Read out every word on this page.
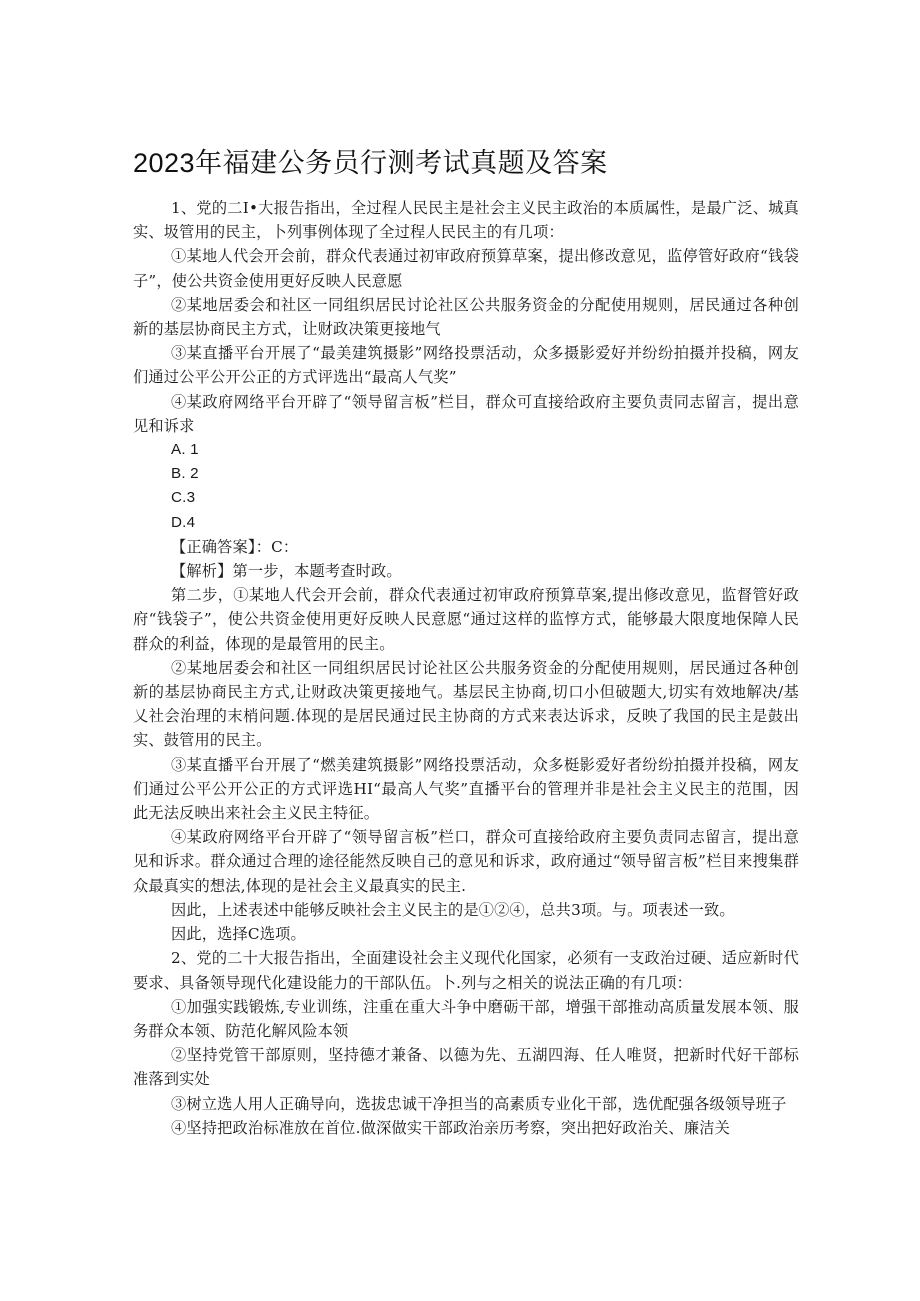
2023年福建公务员行测考试真题及答案

1、党的二I•大报告指出，全过程人民民主是社会主义民主政治的本质属性，是最广泛、城真实、圾管用的民主，卜列事例体现了全过程人民民主的有几项：

①某地人代会开会前，群众代表通过初审政府预算草案，提出修改意见，监停管好政府“钱袋子”，使公共资金使用更好反映人民意愿

②某地居委会和社区一同组织居民讨论社区公共服务资金的分配使用规则，居民通过各种创新的基层协商民主方式，让财政决策更接地气

③某直播平台开展了“最美建筑摄影”网络投票活动，众多摄影爱好并纷纷拍摄并投稿，网友们通过公平公开公正的方式评选出“最高人气奖”

④某政府网络平台开辟了“领导留言板”栏目，群众可直接给政府主要负责同志留言，提出意见和诉求

A. 1

B. 2

C.3

D.4

【正确答案】：C：

【解析】第一步，本题考查时政。

第二步，①某地人代会开会前，群众代表通过初审政府预算草案,提出修改意见，监督管好政府“钱袋子”，使公共资金使用更好反映人民意愿“通过这样的监惇方式，能够最大限度地保障人民群众的利益，体现的是最管用的民主。

②某地居委会和社区一同组织居民讨论社区公共服务资金的分配使用规则，居民通过各种创新的基层协商民主方式,让财政决策更接地气。基层民主协商,切口小但破题大,切实有效地解决/基乂社会治理的末梢问题.体现的是居民通过民主协商的方式来表达诉求，反映了我国的民主是鼓出实、鼓管用的民主。

③某直播平台开展了“燃美建筑摄影”网络投票活动，众多梃影爱好者纷纷拍摄并投稿，网友们通过公平公开公正的方式评选HI“最高人气奖”直播平台的管理并非是社会主义民主的范围，因此无法反映出来社会主义民主特征。

④某政府网络平台开辟了“领导留言板”栏口，群众可直接给政府主要负责同志留言，提出意见和诉求。群众通过合理的途径能然反映自己的意见和诉求，政府通过“领导留言板”栏目来搜集群众最真实的想法,体现的是社会主义最真实的民主.

因此，上述表述中能够反映社会主义民主的是①②④，总共3项。与。项表述一致。

因此，选择C选项。

2、党的二十大报告指出，全面建设社会主义现代化国家，必须有一支政治过硬、适应新时代要求、具备领导现代化建设能力的干部队伍。卜.列与之相关的说法正确的有几项：

①加强实践锻炼,专业训练，注重在重大斗争中磨砺干部，增强干部推动高质量发展本领、服务群众本领、防范化解风险本领

②坚持党管干部原则，坚持德才兼备、以德为先、五湖四海、任人唯贤，把新时代好干部标准落到实处

③树立选人用人正确导向，选拔忠诚干净担当的高素质专业化干部，选优配强各级领导班子

④坚持把政治标准放在首位.做深做实干部政治亲历考察，突出把好政治关、廉洁关
